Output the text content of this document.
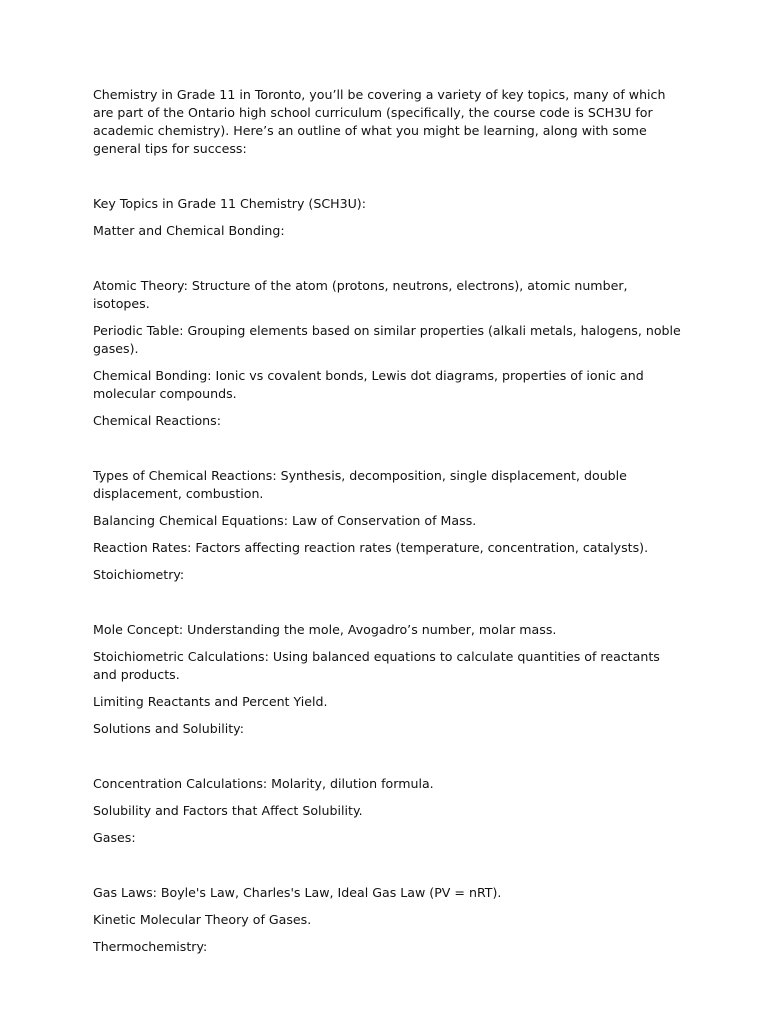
Chemistry in Grade 11 in Toronto, you’ll be covering a variety of key topics, many of which are part of the Ontario high school curriculum (specifically, the course code is SCH3U for academic chemistry). Here’s an outline of what you might be learning, along with some general tips for success:

Key Topics in Grade 11 Chemistry (SCH3U):

Matter and Chemical Bonding:

Atomic Theory: Structure of the atom (protons, neutrons, electrons), atomic number, isotopes.

Periodic Table: Grouping elements based on similar properties (alkali metals, halogens, noble gases).

Chemical Bonding: Ionic vs covalent bonds, Lewis dot diagrams, properties of ionic and molecular compounds.

Chemical Reactions:

Types of Chemical Reactions: Synthesis, decomposition, single displacement, double displacement, combustion.

Balancing Chemical Equations: Law of Conservation of Mass.

Reaction Rates: Factors affecting reaction rates (temperature, concentration, catalysts).

Stoichiometry:

Mole Concept: Understanding the mole, Avogadro’s number, molar mass.

Stoichiometric Calculations: Using balanced equations to calculate quantities of reactants and products.

Limiting Reactants and Percent Yield.

Solutions and Solubility:

Concentration Calculations: Molarity, dilution formula.

Solubility and Factors that Affect Solubility.

Gases:

Gas Laws: Boyle's Law, Charles's Law, Ideal Gas Law (PV = nRT).

Kinetic Molecular Theory of Gases.

Thermochemistry:
